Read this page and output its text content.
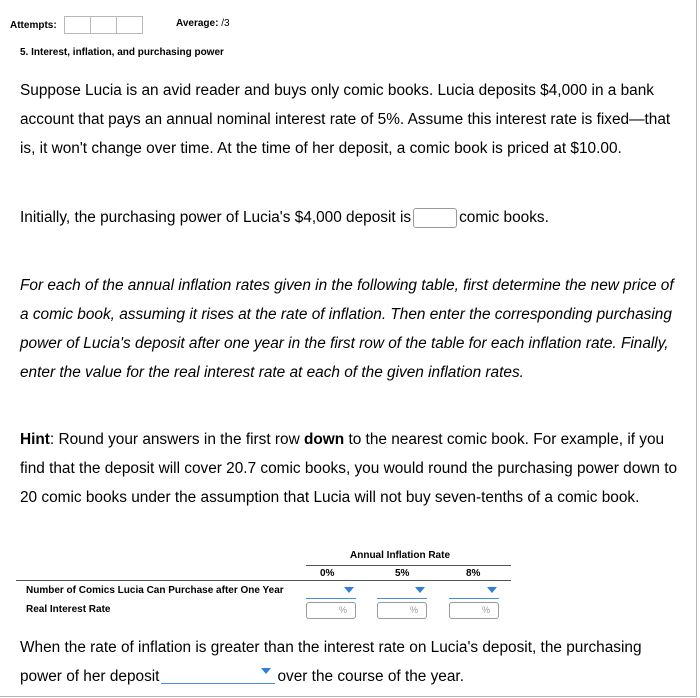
Attempts:	Average: /3
5. Interest, inflation, and purchasing power
Suppose Lucia is an avid reader and buys only comic books. Lucia deposits $4,000 in a bank account that pays an annual nominal interest rate of 5%. Assume this interest rate is fixed—that is, it won't change over time. At the time of her deposit, a comic book is priced at $10.00.
Initially, the purchasing power of Lucia's $4,000 deposit is	comic books.
For each of the annual inflation rates given in the following table, first determine the new price of a comic book, assuming it rises at the rate of inflation. Then enter the corresponding purchasing power of Lucia's deposit after one year in the first row of the table for each inflation rate. Finally, enter the value for the real interest rate at each of the given inflation rates.
Hint: Round your answers in the first row down to the nearest comic book. For example, if you find that the deposit will cover 20.7 comic books, you would round the purchasing power down to 20 comic books under the assumption that Lucia will not buy seven-tenths of a comic book.
Annual Inflation Rate
0%	5%	8%
Number of Comics Lucia Can Purchase after One Year
Real Interest Rate	%	%	%
When the rate of inflation is greater than the interest rate on Lucia's deposit, the purchasing power of her deposit	over the course of the year.
